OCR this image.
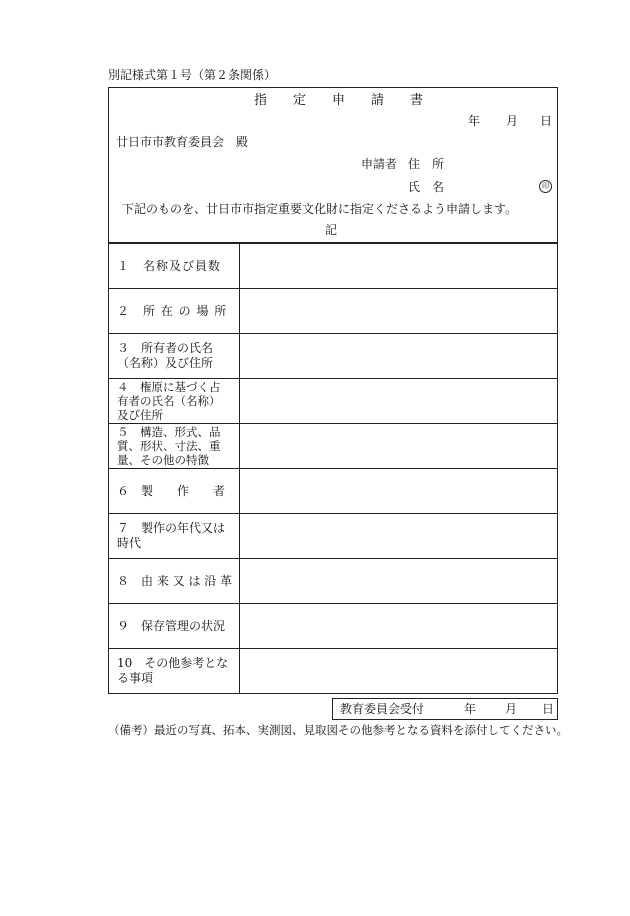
別記様式第１号（第２条関係）
指　　定　　申　　請　　書
年 月 日
廿日市市教育委員会　殿
申請者 住　所
氏　名	印
下記のものを、廿日市市指定重要文化財に指定くださるよう申請します。
記
１　名称及び員数	

２　所 在 の 場 所	

３　所有者の氏名
（名称）及び住所	

４　権原に基づく占
有者の氏名（名称）
及び住所	

５　構造、形式、品
質、形状、寸法、重
量、その他の特徴	

６　製　　作　　者	

７　製作の年代又は
時代	

８　由 来 又 は 沿 革	

９　保存管理の状況	

10　その他参考とな
る事項	

教育委員会受付	年 月 日
（備考）最近の写真、拓本、実測図、見取図その他参考となる資料を添付してください。
